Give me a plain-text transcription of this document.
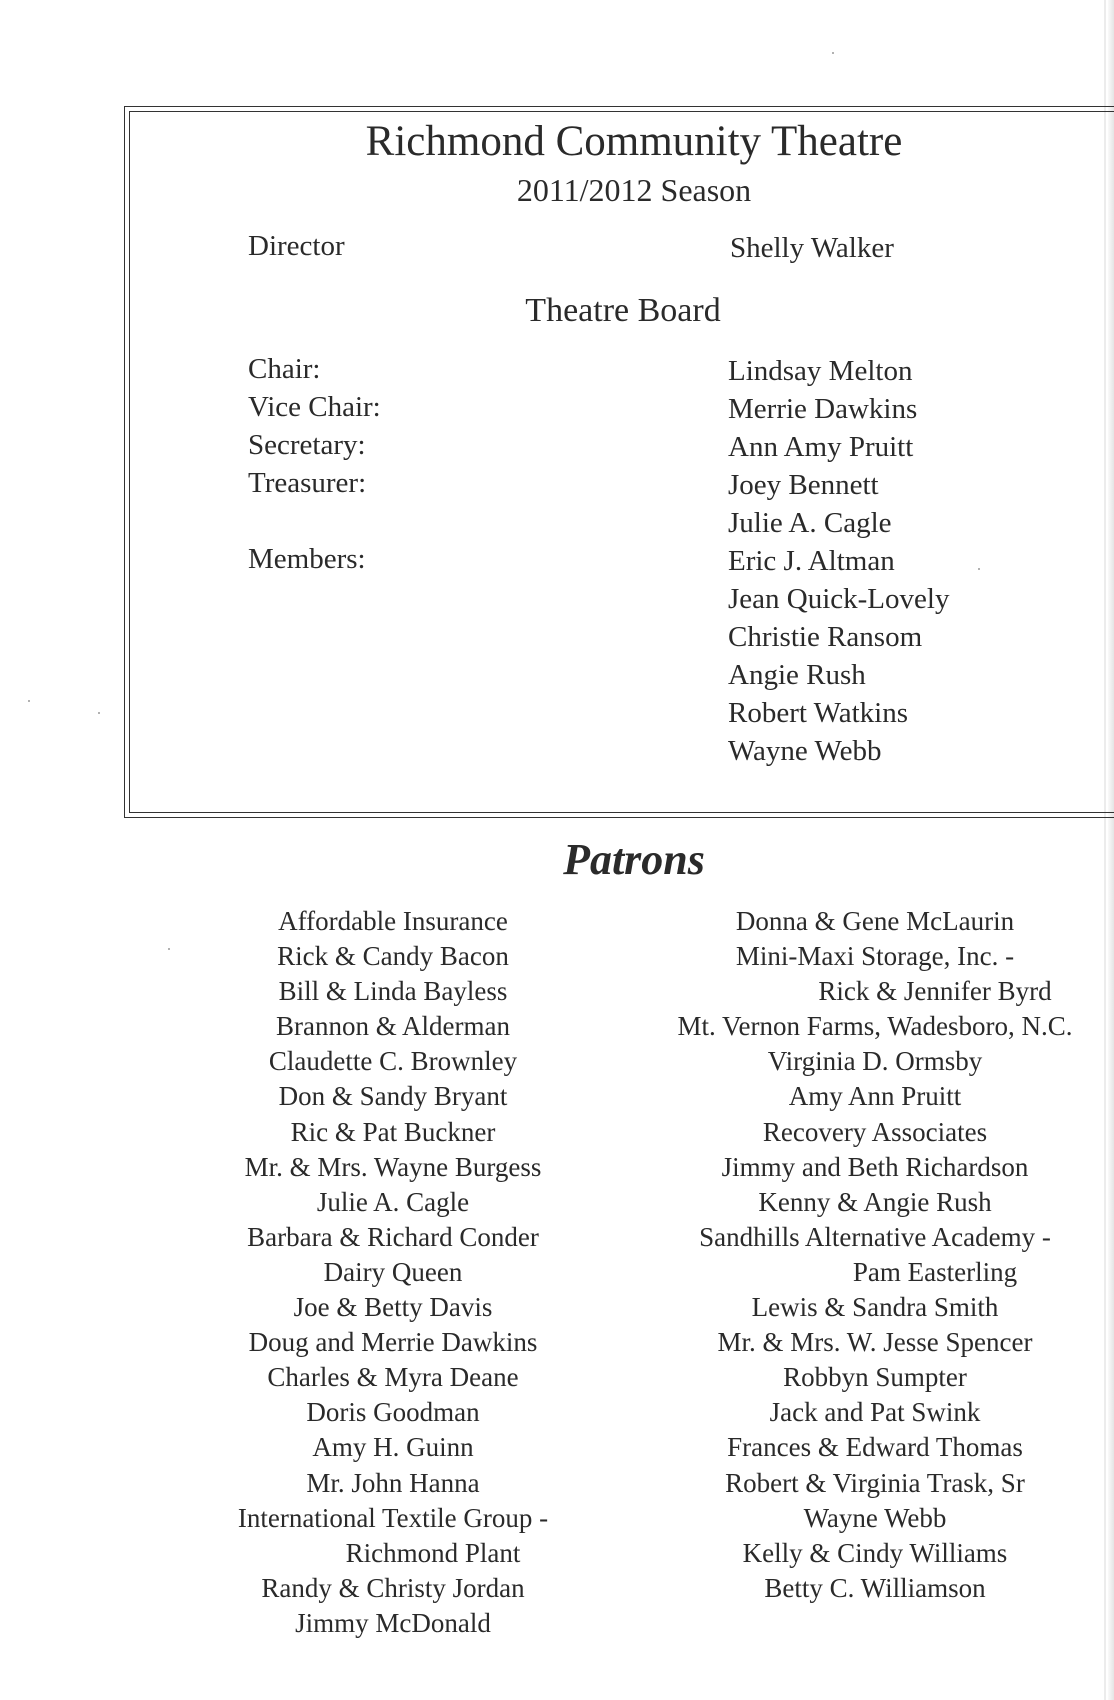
Richmond Community Theatre
2011/2012 Season
Director	Shelly Walker
Theatre Board
Chair:
Vice Chair:
Secretary:
Treasurer:
Members:
Lindsay Melton
Merrie Dawkins
Ann Amy Pruitt
Joey Bennett
Julie A. Cagle
Eric J. Altman
Jean Quick-Lovely
Christie Ransom
Angie Rush
Robert Watkins
Wayne Webb
Patrons
Affordable Insurance
Rick & Candy Bacon
Bill & Linda Bayless
Brannon & Alderman
Claudette C. Brownley
Don & Sandy Bryant
Ric & Pat Buckner
Mr. & Mrs. Wayne Burgess
Julie A. Cagle
Barbara & Richard Conder
Dairy Queen
Joe & Betty Davis
Doug and Merrie Dawkins
Charles & Myra Deane
Doris Goodman
Amy H. Guinn
Mr. John Hanna
International Textile Group -
Richmond Plant
Randy & Christy Jordan
Jimmy McDonald
Donna & Gene McLaurin
Mini-Maxi Storage, Inc. -
Rick & Jennifer Byrd
Mt. Vernon Farms, Wadesboro, N.C.
Virginia D. Ormsby
Amy Ann Pruitt
Recovery Associates
Jimmy and Beth Richardson
Kenny & Angie Rush
Sandhills Alternative Academy -
Pam Easterling
Lewis & Sandra Smith
Mr. & Mrs. W. Jesse Spencer
Robbyn Sumpter
Jack and Pat Swink
Frances & Edward Thomas
Robert & Virginia Trask, Sr
Wayne Webb
Kelly & Cindy Williams
Betty C. Williamson
